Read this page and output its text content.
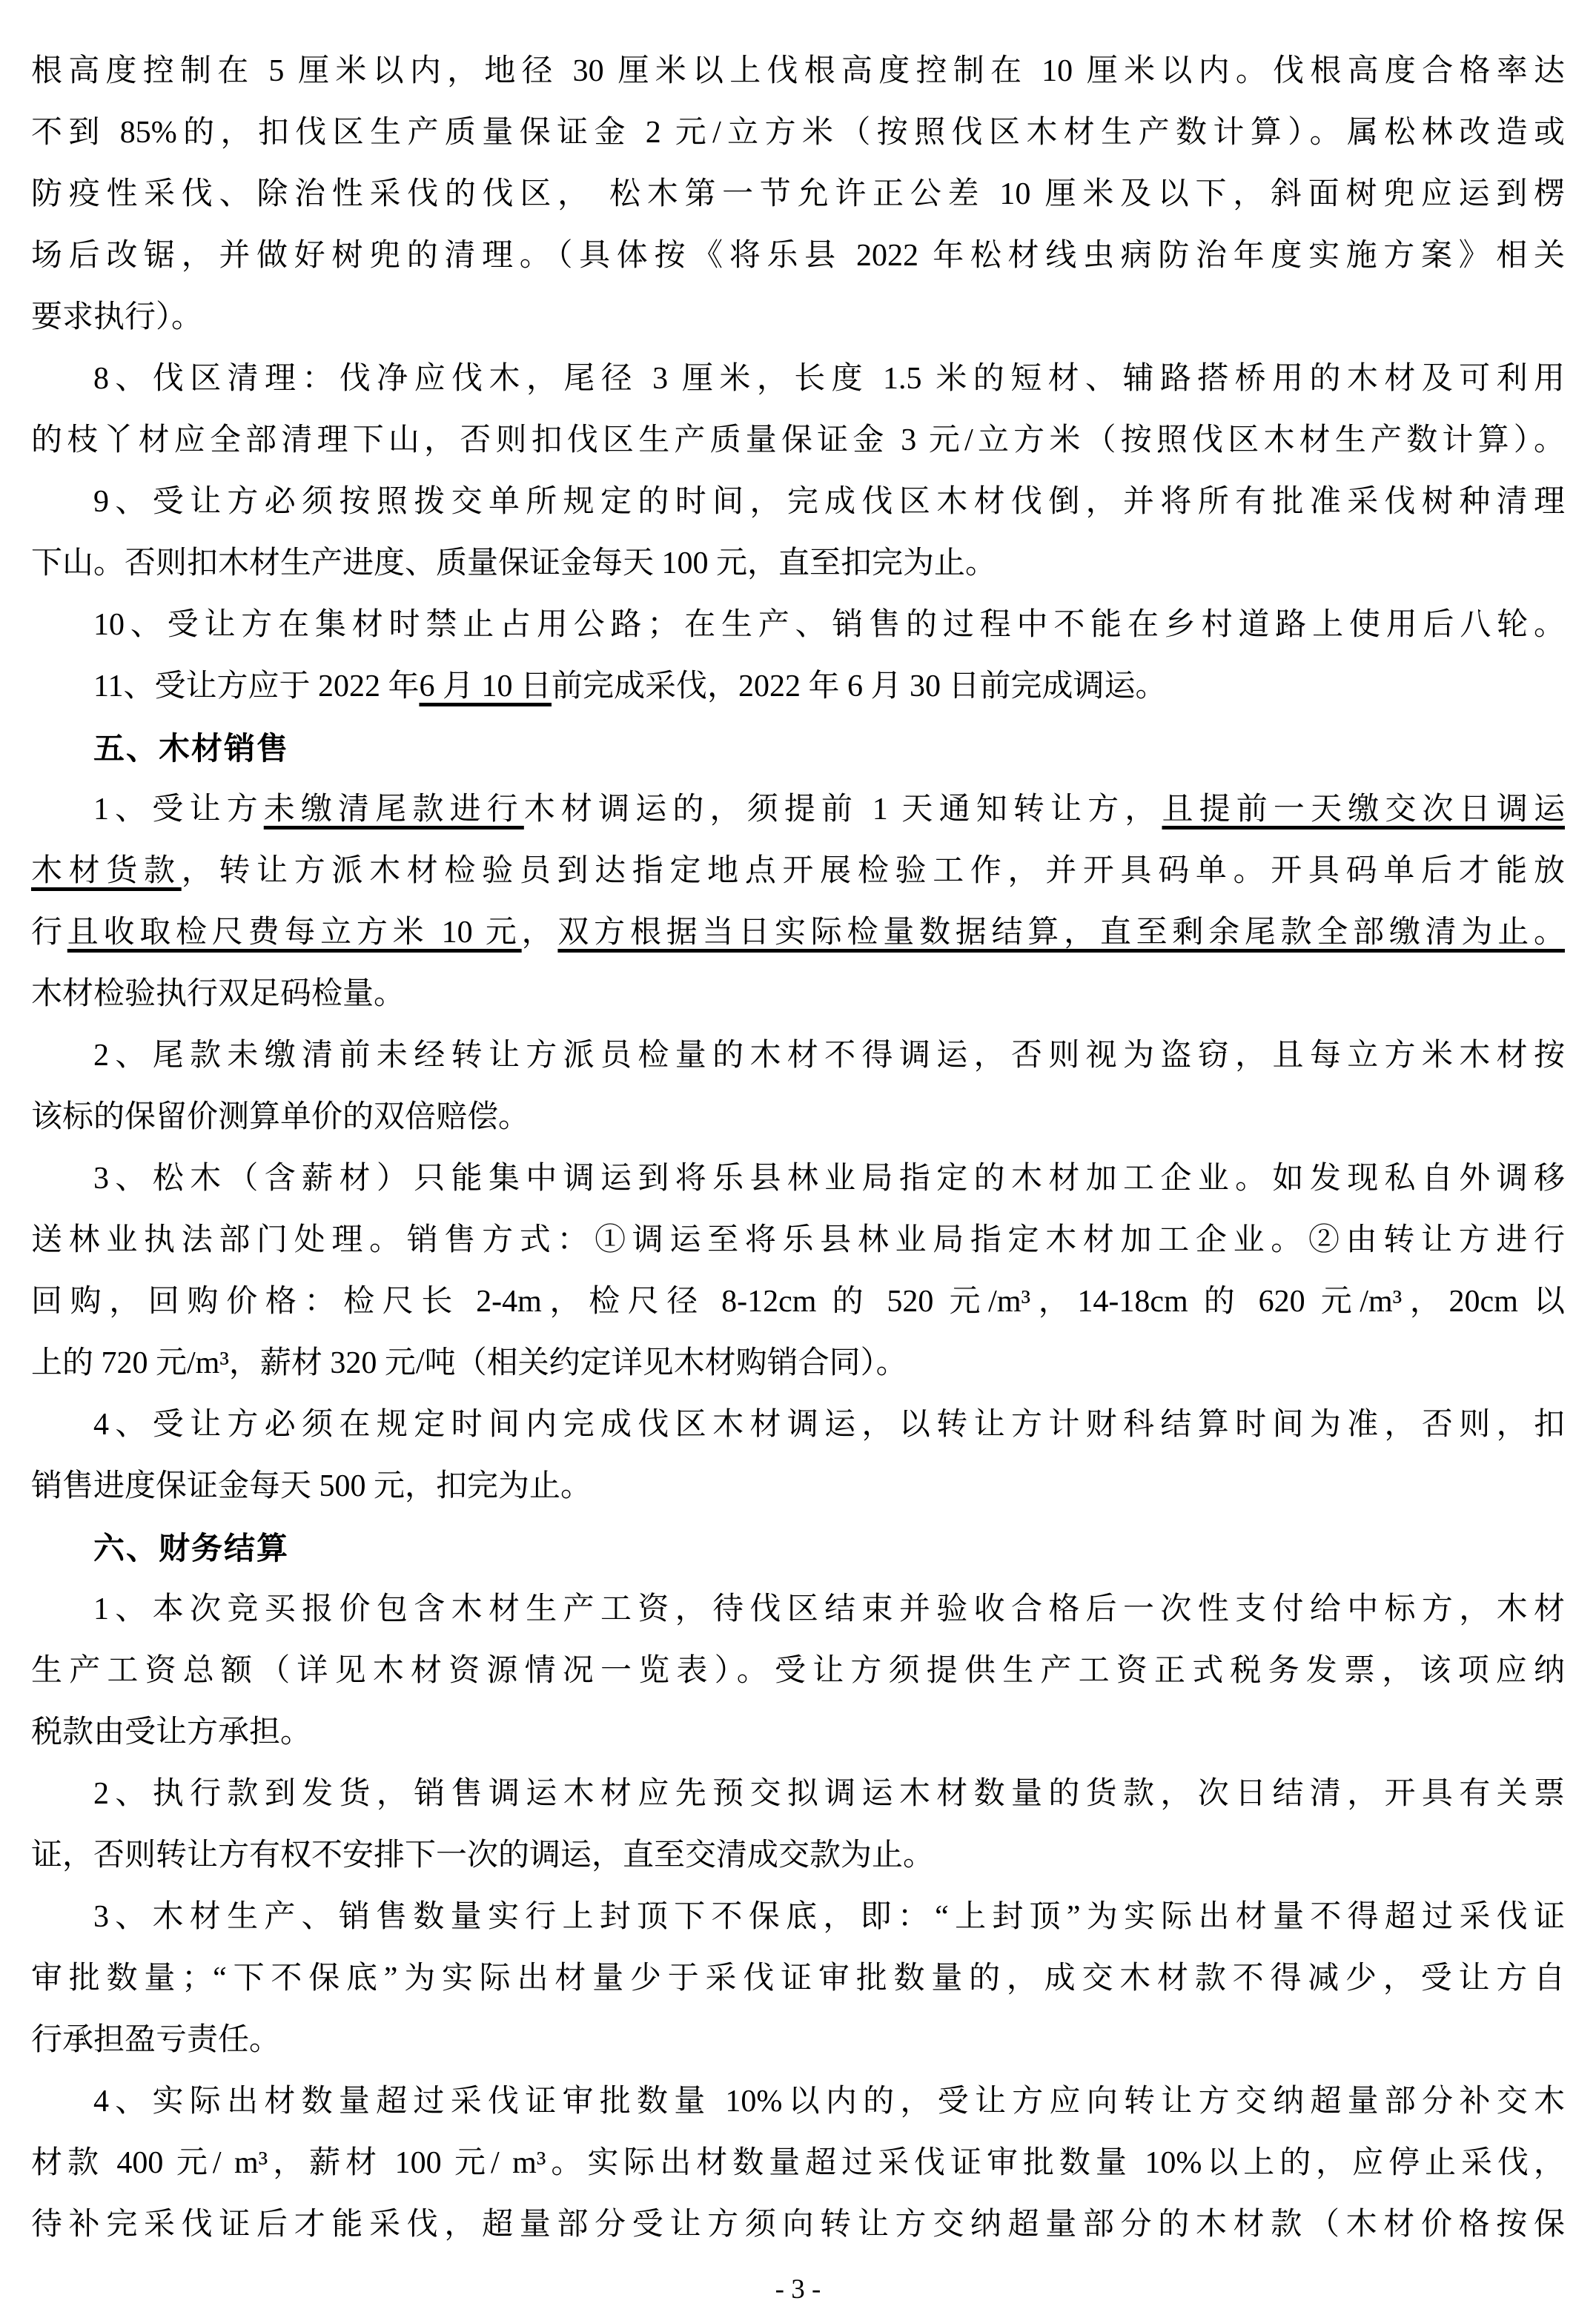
根高度控制在 5 厘米以内，地径 30 厘米以上伐根高度控制在 10 厘米以内。伐根高度合格率达
不到 85%的，扣伐区生产质量保证金 2 元/立方米（按照伐区木材生产数计算）。属松林改造或
防疫性采伐、除治性采伐的伐区， 松木第一节允许正公差 10 厘米及以下，斜面树兜应运到楞
场后改锯，并做好树兜的清理。（具体按《将乐县 2022 年松材线虫病防治年度实施方案》相关
要求执行）。
8、伐区清理：伐净应伐木，尾径 3 厘米，长度 1.5 米的短材、辅路搭桥用的木材及可利用
的枝丫材应全部清理下山，否则扣伐区生产质量保证金 3 元/立方米（按照伐区木材生产数计算）。
9、受让方必须按照拨交单所规定的时间，完成伐区木材伐倒，并将所有批准采伐树种清理
下山。否则扣木材生产进度、质量保证金每天 100 元，直至扣完为止。
10、受让方在集材时禁止占用公路；在生产、销售的过程中不能在乡村道路上使用后八轮。
11、受让方应于 2022 年6 月 10 日前完成采伐，2022 年 6 月 30 日前完成调运。
五、木材销售
1、受让方未缴清尾款进行木材调运的，须提前 1 天通知转让方，且提前一天缴交次日调运
木材货款，转让方派木材检验员到达指定地点开展检验工作，并开具码单。开具码单后才能放
行且收取检尺费每立方米 10 元，双方根据当日实际检量数据结算，直至剩余尾款全部缴清为止。
木材检验执行双足码检量。
2、尾款未缴清前未经转让方派员检量的木材不得调运，否则视为盗窃，且每立方米木材按
该标的保留价测算单价的双倍赔偿。
3、松木（含薪材）只能集中调运到将乐县林业局指定的木材加工企业。如发现私自外调移
送林业执法部门处理。销售方式：①调运至将乐县林业局指定木材加工企业。②由转让方进行
回购，回购价格：检尺长 2-4m，检尺径 8-12cm 的 520 元/m³，14-18cm 的 620 元/m³，20cm 以
上的 720 元/m³，薪材 320 元/吨（相关约定详见木材购销合同）。
4、受让方必须在规定时间内完成伐区木材调运，以转让方计财科结算时间为准，否则，扣
销售进度保证金每天 500 元，扣完为止。
六、财务结算
1、本次竞买报价包含木材生产工资，待伐区结束并验收合格后一次性支付给中标方，木材
生产工资总额（详见木材资源情况一览表）。受让方须提供生产工资正式税务发票，该项应纳
税款由受让方承担。
2、执行款到发货，销售调运木材应先预交拟调运木材数量的货款，次日结清，开具有关票
证，否则转让方有权不安排下一次的调运，直至交清成交款为止。
3、木材生产、销售数量实行上封顶下不保底，即：“上封顶”为实际出材量不得超过采伐证
审批数量；“下不保底”为实际出材量少于采伐证审批数量的，成交木材款不得减少，受让方自
行承担盈亏责任。
4、实际出材数量超过采伐证审批数量 10%以内的，受让方应向转让方交纳超量部分补交木
材款 400 元/ m³，薪材 100 元/ m³。实际出材数量超过采伐证审批数量 10%以上的，应停止采伐，
待补完采伐证后才能采伐，超量部分受让方须向转让方交纳超量部分的木材款（木材价格按保
- 3 -
